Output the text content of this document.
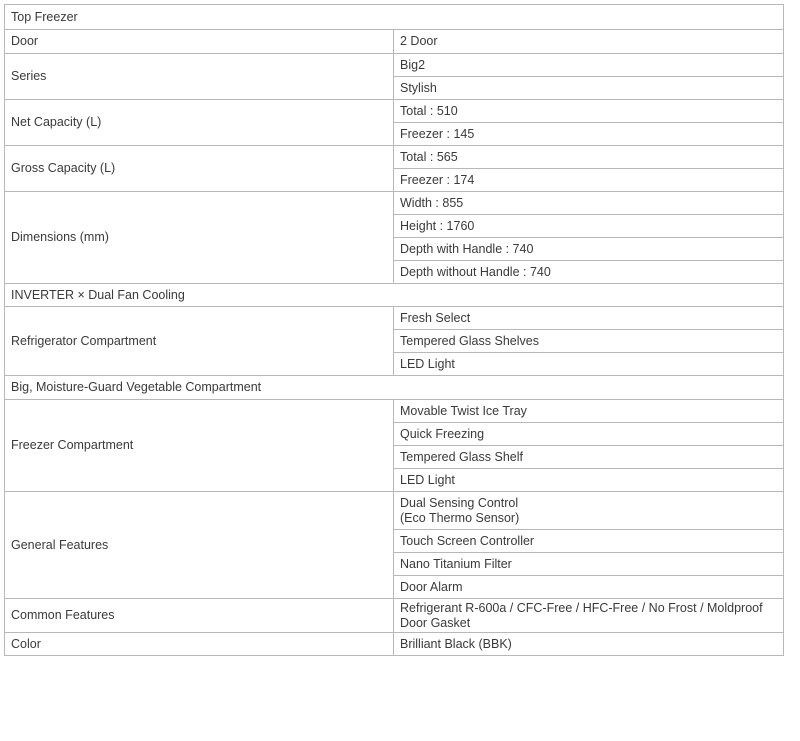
Top Freezer	
Door	2 Door
Series	Big2
	Stylish
Net Capacity (L)	Total : 510
	Freezer : 145
Gross Capacity (L)	Total : 565
	Freezer : 174
Dimensions (mm)	Width : 855
	Height : 1760
	Depth with Handle : 740
	Depth without Handle : 740
INVERTER × Dual Fan Cooling	
Refrigerator Compartment	Fresh Select
	Tempered Glass Shelves
	LED Light
Big, Moisture-Guard Vegetable Compartment	
Freezer Compartment	Movable Twist Ice Tray
	Quick Freezing
	Tempered Glass Shelf
	LED Light
General Features	Dual Sensing Control
(Eco Thermo Sensor)
	Touch Screen Controller
	Nano Titanium Filter
	Door Alarm
Common Features	Refrigerant R-600a / CFC-Free / HFC-Free / No Frost / Moldproof
Door Gasket
Color	Brilliant Black (BBK)
